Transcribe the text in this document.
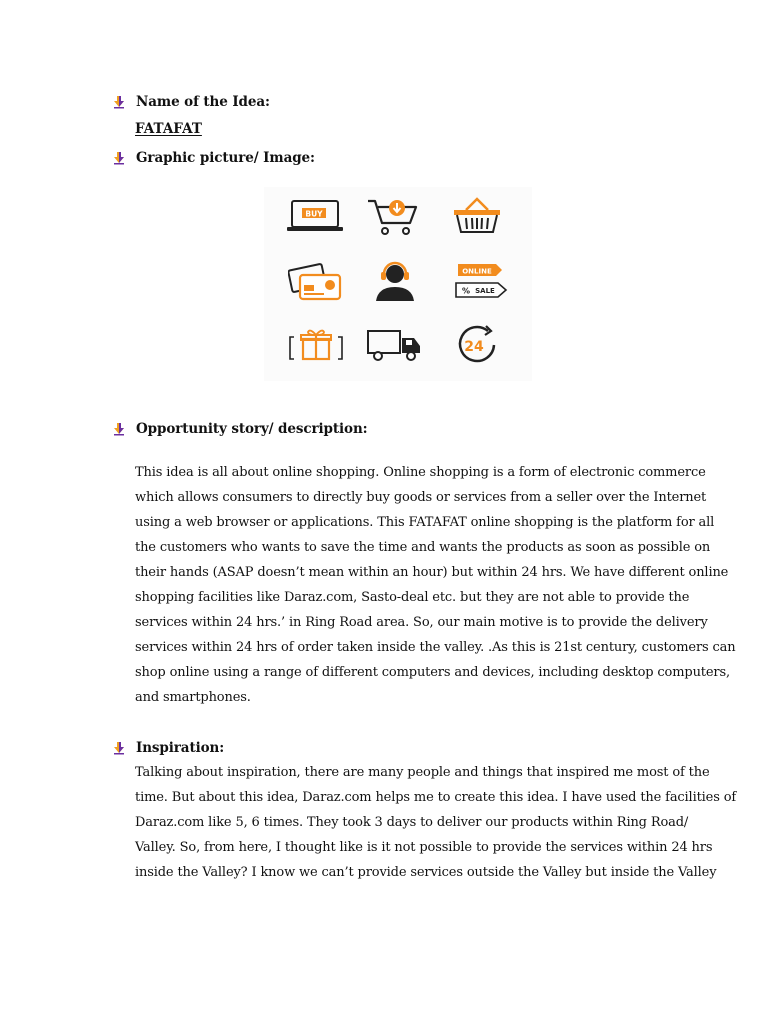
Name of the Idea:
FATAFAT
Graphic picture/ Image:
BUY
ONLINE
% SALE
24
Opportunity story/ description:
This idea is all about online shopping. Online shopping is a form of electronic commerce
which allows consumers to directly buy goods or services from a seller over the Internet
using a web browser or applications. This FATAFAT online shopping is the platform for all
the customers who wants to save the time and wants the products as soon as possible on
their hands (ASAP doesn’t mean within an hour) but within 24 hrs. We have different online
shopping facilities like Daraz.com, Sasto-deal etc. but they are not able to provide the
services within 24 hrs.’ in Ring Road area. So, our main motive is to provide the delivery
services within 24 hrs of order taken inside the valley. .As this is 21st century, customers can
shop online using a range of different computers and devices, including desktop computers,
and smartphones.
Inspiration:
Talking about inspiration, there are many people and things that inspired me most of the
time. But about this idea, Daraz.com helps me to create this idea. I have used the facilities of
Daraz.com like 5, 6 times. They took 3 days to deliver our products within Ring Road/
Valley. So, from here, I thought like is it not possible to provide the services within 24 hrs
inside the Valley? I know we can’t provide services outside the Valley but inside the Valley
